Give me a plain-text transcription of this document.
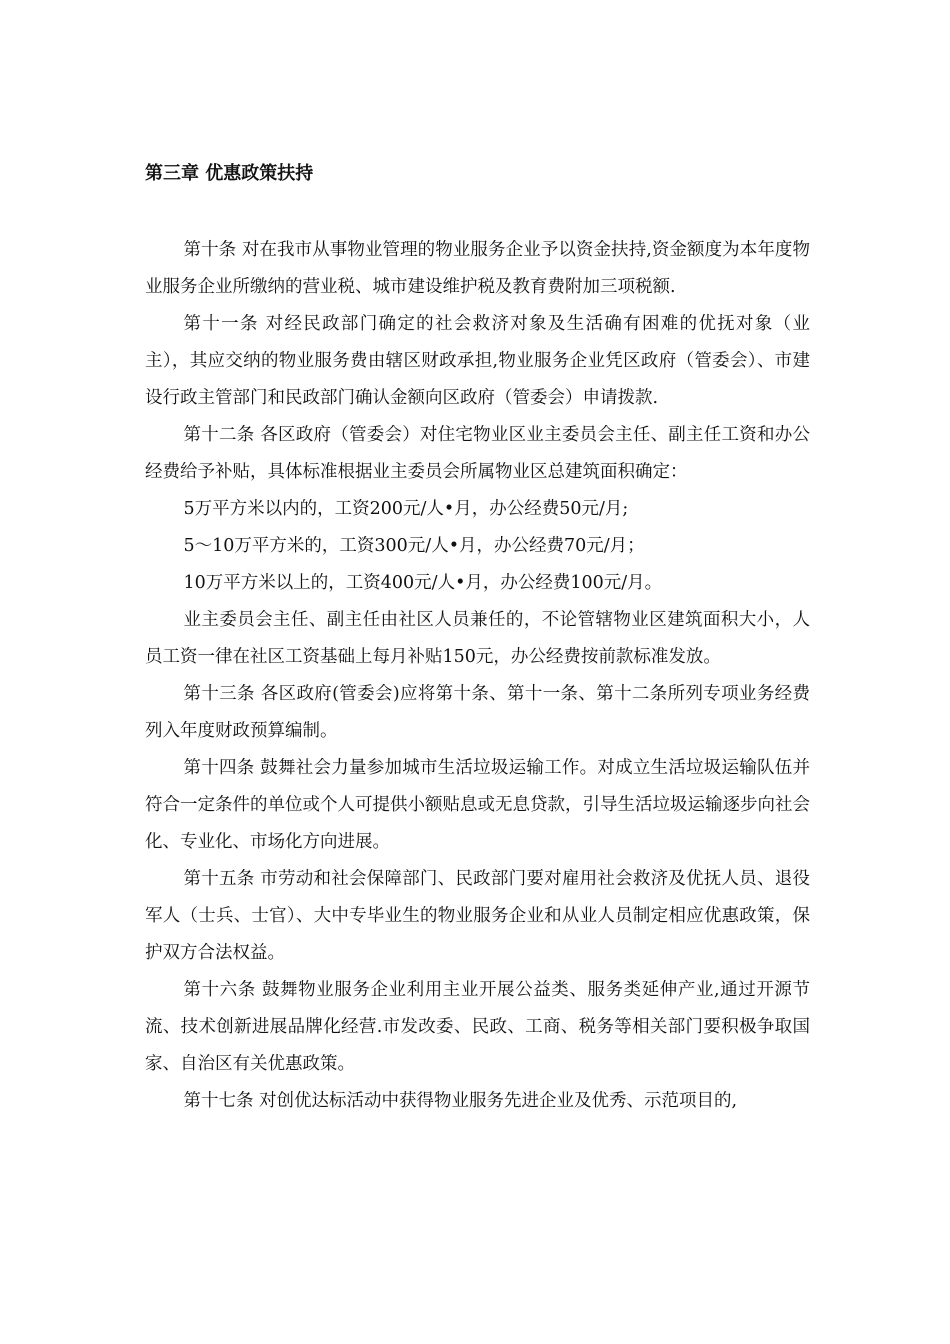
第三章 优惠政策扶持

第十条 对在我市从事物业管理的物业服务企业予以资金扶持,资金额度为本年度物业服务企业所缴纳的营业税、城市建设维护税及教育费附加三项税额.

第十一条 对经民政部门确定的社会救济对象及生活确有困难的优抚对象（业主），其应交纳的物业服务费由辖区财政承担,物业服务企业凭区政府（管委会）、市建设行政主管部门和民政部门确认金额向区政府（管委会）申请拨款.

第十二条 各区政府（管委会）对住宅物业区业主委员会主任、副主任工资和办公经费给予补贴，具体标准根据业主委员会所属物业区总建筑面积确定：

5万平方米以内的，工资200元/人•月，办公经费50元/月;

5～10万平方米的，工资300元/人•月，办公经费70元/月；

10万平方米以上的，工资400元/人•月，办公经费100元/月。

业主委员会主任、副主任由社区人员兼任的，不论管辖物业区建筑面积大小，人员工资一律在社区工资基础上每月补贴150元，办公经费按前款标准发放。

第十三条 各区政府(管委会)应将第十条、第十一条、第十二条所列专项业务经费列入年度财政预算编制。

第十四条 鼓舞社会力量参加城市生活垃圾运输工作。对成立生活垃圾运输队伍并符合一定条件的单位或个人可提供小额贴息或无息贷款，引导生活垃圾运输逐步向社会化、专业化、市场化方向进展。

第十五条 市劳动和社会保障部门、民政部门要对雇用社会救济及优抚人员、退役军人（士兵、士官）、大中专毕业生的物业服务企业和从业人员制定相应优惠政策，保护双方合法权益。

第十六条 鼓舞物业服务企业利用主业开展公益类、服务类延伸产业,通过开源节流、技术创新进展品牌化经营.市发改委、民政、工商、税务等相关部门要积极争取国家、自治区有关优惠政策。

第十七条 对创优达标活动中获得物业服务先进企业及优秀、示范项目的,
